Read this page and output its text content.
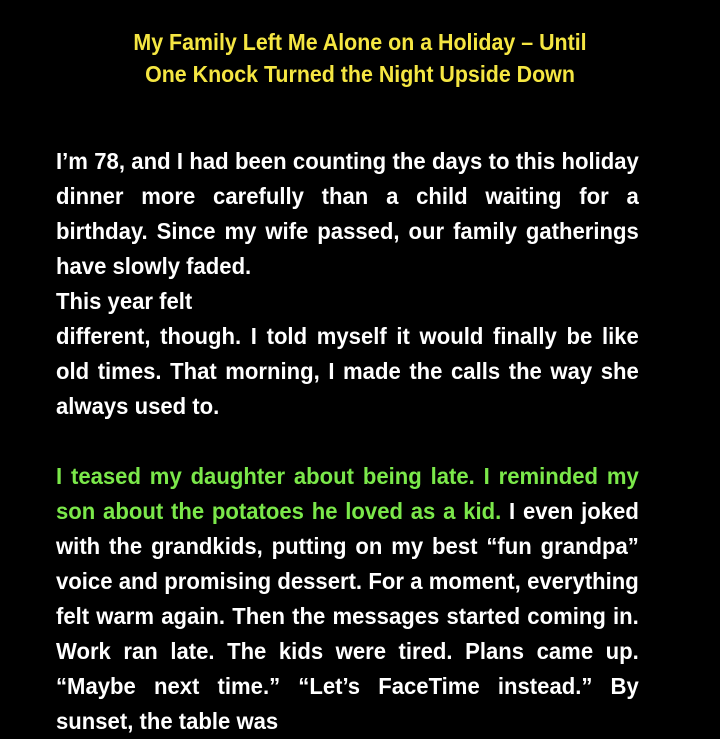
My Family Left Me Alone on a Holiday – Until
One Knock Turned the Night Upside Down

I’m 78, and I had been counting the days to this holiday dinner more carefully than a child waiting for a birthday. Since my wife passed, our family gatherings have slowly faded.
This year felt
different, though. I told myself it would finally be like old times. That morning, I made the calls the way she always used to.

I teased my daughter about being late. I reminded my son about the potatoes he loved as a kid. I even joked with the grandkids, putting on my best “fun grandpa” voice and promising dessert. For a moment, everything felt warm again. Then the messages started coming in. Work ran late. The kids were tired. Plans came up. “Maybe next time.” “Let’s FaceTime instead.” By sunset, the table was
